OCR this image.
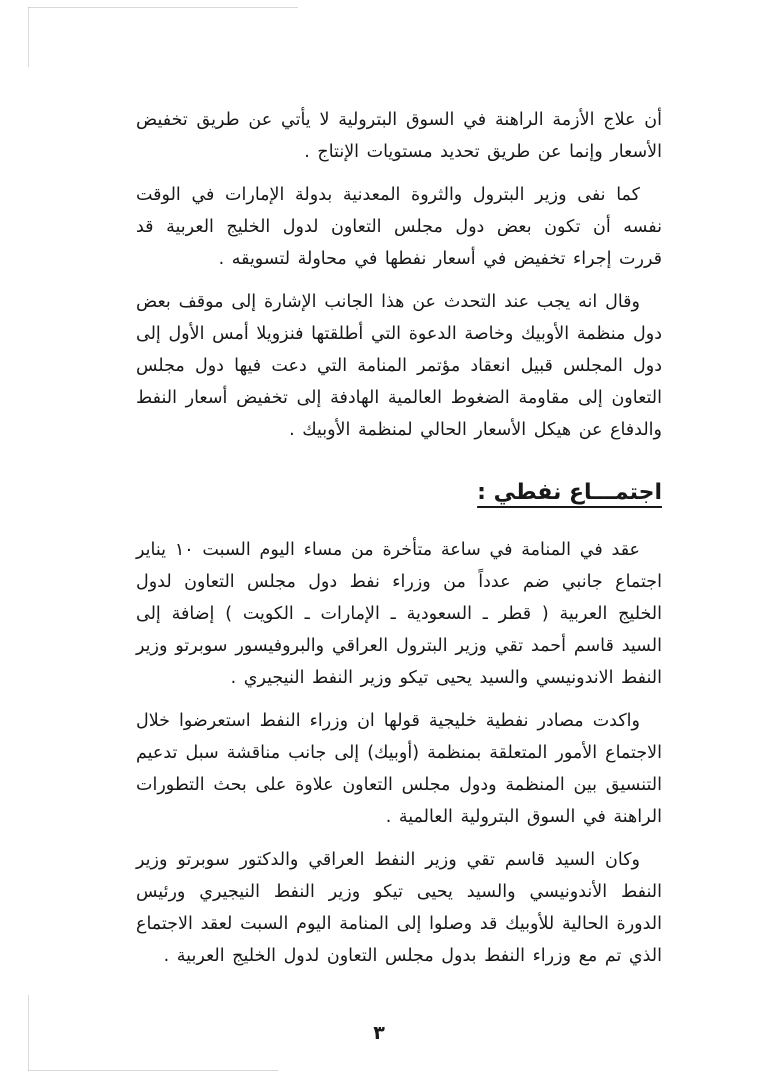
أن علاج الأزمة الراهنة في السوق البترولية لا يأتي عن طريق تخفيض الأسعار وإنما عن طريق تحديد مستويات الإنتاج .

كما نفى وزير البترول والثروة المعدنية بدولة الإمارات في الوقت نفسه أن تكون بعض دول مجلس التعاون لدول الخليج العربية قد قررت إجراء تخفيض في أسعار نفطها في محاولة لتسويقه .

وقال انه يجب عند التحدث عن هذا الجانب الإشارة إلى موقف بعض دول منظمة الأوبيك وخاصة الدعوة التي أطلقتها فنزويلا أمس الأول إلى دول المجلس قبيل انعقاد مؤتمر المنامة التي دعت فيها دول مجلس التعاون إلى مقاومة الضغوط العالمية الهادفة إلى تخفيض أسعار النفط والدفاع عن هيكل الأسعار الحالي لمنظمة الأوبيك .

اجتمـــاع نفطي :

عقد في المنامة في ساعة متأخرة من مساء اليوم السبت ١٠ يناير اجتماع جانبي ضم عدداً من وزراء نفط دول مجلس التعاون لدول الخليج العربية ( قطر ـ السعودية ـ الإمارات ـ الكويت ) إضافة إلى السيد قاسم أحمد تقي وزير البترول العراقي والبروفيسور سوبرتو وزير النفط الاندونيسي والسيد يحيى تيكو وزير النفط النيجيري .

واكدت مصادر نفطية خليجية قولها ان وزراء النفط استعرضوا خلال الاجتماع الأمور المتعلقة بمنظمة (أوبيك) إلى جانب مناقشة سبل تدعيم التنسيق بين المنظمة ودول مجلس التعاون علاوة على بحث التطورات الراهنة في السوق البترولية العالمية .

وكان السيد قاسم تقي وزير النفط العراقي والدكتور سوبرتو وزير النفط الأندونيسي والسيد يحيى تيكو وزير النفط النيجيري ورئيس الدورة الحالية للأوبيك قد وصلوا إلى المنامة اليوم السبت لعقد الاجتماع الذي تم مع وزراء النفط بدول مجلس التعاون لدول الخليج العربية .

٣
